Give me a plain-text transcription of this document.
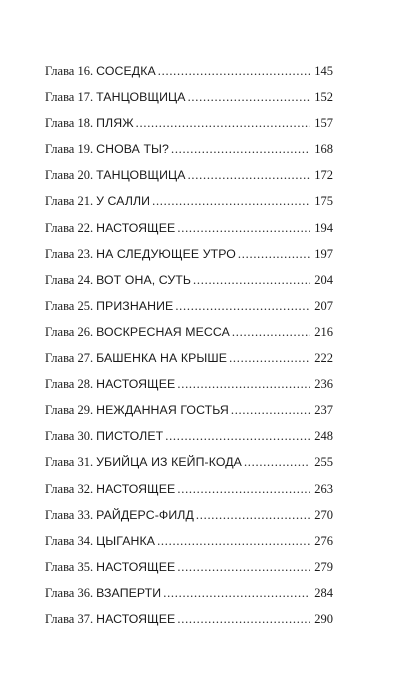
Глава 16. СОСЕДКА . . .	145
Глава 17. ТАНЦОВЩИЦА . . .	152
Глава 18. ПЛЯЖ . . .	157
Глава 19. СНОВА ТЫ? . . .	168
Глава 20. ТАНЦОВЩИЦА . . .	172
Глава 21. У САЛЛИ . . .	175
Глава 22. НАСТОЯЩЕЕ . . .	194
Глава 23. НА СЛЕДУЮЩЕЕ УТРО . . .	197
Глава 24. ВОТ ОНА, СУТЬ . . .	204
Глава 25. ПРИЗНАНИЕ . . .	207
Глава 26. ВОСКРЕСНАЯ МЕССА . . .	216
Глава 27. БАШЕНКА НА КРЫШЕ . . .	222
Глава 28. НАСТОЯЩЕЕ . . .	236
Глава 29. НЕЖДАННАЯ ГОСТЬЯ . . .	237
Глава 30. ПИСТОЛЕТ . . .	248
Глава 31. УБИЙЦА ИЗ КЕЙП-КОДА . . .	255
Глава 32. НАСТОЯЩЕЕ . . .	263
Глава 33. РАЙДЕРС-ФИЛД . . .	270
Глава 34. ЦЫГАНКА . . .	276
Глава 35. НАСТОЯЩЕЕ . . .	279
Глава 36. ВЗАПЕРТИ . . .	284
Глава 37. НАСТОЯЩЕЕ . . .	290
